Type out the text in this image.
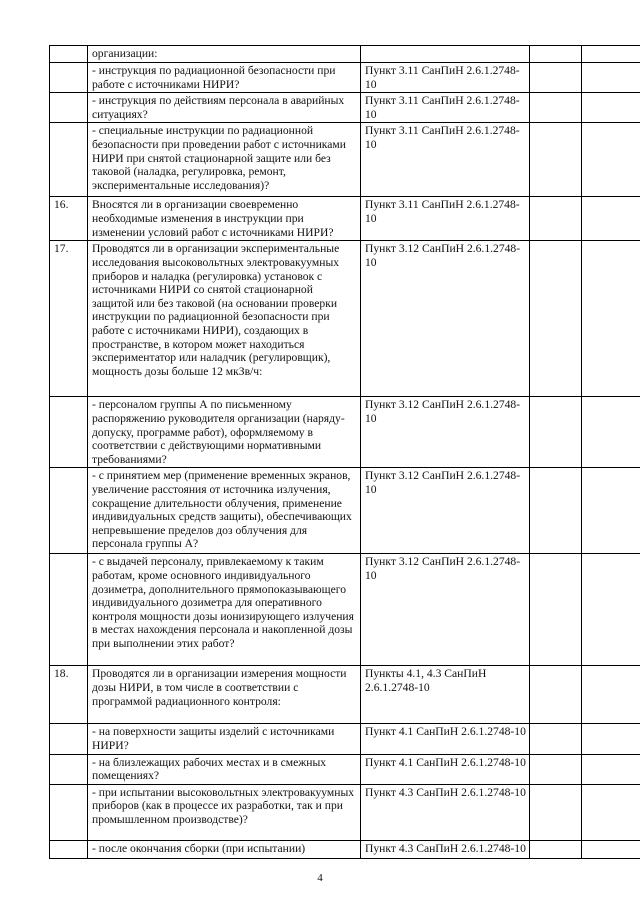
	организации:			
	- инструкция по радиационной безопасности при работе с источниками НИРИ?	Пункт 3.11 СанПиН 2.6.1.2748-10		
	- инструкция по действиям персонала в аварийных ситуациях?	Пункт 3.11 СанПиН 2.6.1.2748-10		
	- специальные инструкции по радиационной безопасности при проведении работ с источниками НИРИ при снятой стационарной защите или без таковой (наладка, регулировка, ремонт, экспериментальные исследования)?	Пункт 3.11 СанПиН 2.6.1.2748-10		
16.	Вносятся ли в организации своевременно необходимые изменения в инструкции при изменении условий работ с источниками НИРИ?	Пункт 3.11 СанПиН 2.6.1.2748-10		
17.	Проводятся ли в организации экспериментальные исследования высоковольтных электровакуумных приборов и наладка (регулировка) установок с источниками НИРИ со снятой стационарной защитой или без таковой (на основании проверки инструкции по радиационной безопасности при работе с источниками НИРИ), создающих в пространстве, в котором может находиться экспериментатор или наладчик (регулировщик), мощность дозы больше 12 мкЗв/ч:	Пункт 3.12 СанПиН 2.6.1.2748-10		
	- персоналом группы А по письменному распоряжению руководителя организации (наряду-допуску, программе работ), оформляемому в соответствии с действующими нормативными требованиями?	Пункт 3.12 СанПиН 2.6.1.2748-10		
	- с принятием мер (применение временных экранов, увеличение расстояния от источника излучения, сокращение длительности облучения, применение индивидуальных средств защиты), обеспечивающих непревышение пределов доз облучения для персонала группы А?	Пункт 3.12 СанПиН 2.6.1.2748-10		
	- с выдачей персоналу, привлекаемому к таким работам, кроме основного индивидуального дозиметра, дополнительного прямопоказывающего индивидуального дозиметра для оперативного контроля мощности дозы ионизирующего излучения в местах нахождения персонала и накопленной дозы при выполнении этих работ?	Пункт 3.12 СанПиН 2.6.1.2748-10		
18.	Проводятся ли в организации измерения мощности дозы НИРИ, в том числе в соответствии с программой радиационного контроля:	Пункты 4.1, 4.3 СанПиН 2.6.1.2748-10		
	- на поверхности защиты изделий с источниками НИРИ?	Пункт 4.1 СанПиН 2.6.1.2748-10		
	- на близлежащих рабочих местах и в смежных помещениях?	Пункт 4.1 СанПиН 2.6.1.2748-10		
	- при испытании высоковольтных электровакуумных приборов (как в процессе их разработки, так и при промышленном производстве)?	Пункт 4.3 СанПиН 2.6.1.2748-10		
	- после окончания сборки (при испытании)	Пункт 4.3 СанПиН 2.6.1.2748-10		
4
